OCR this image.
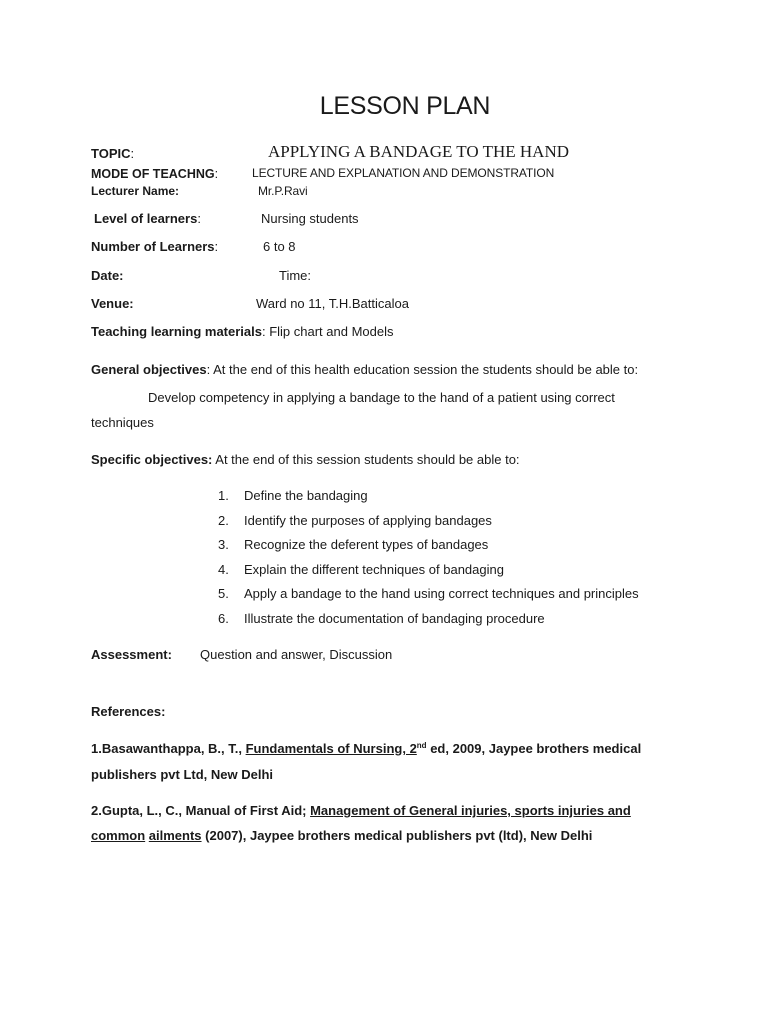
LESSON PLAN
TOPIC:	APPLYING A BANDAGE TO THE HAND
MODE OF TEACHNG:	LECTURE AND EXPLANATION AND DEMONSTRATION
Lecturer Name:	Mr.P.Ravi
Level of learners:	Nursing students
Number of Learners:	6 to 8
Date:	Time:
Venue:	Ward no 11, T.H.Batticaloa
Teaching learning materials: Flip chart and Models
General objectives: At the end of this health education session the students should be able to:
Develop competency in applying a bandage to the hand of a patient using correct
techniques
Specific objectives: At the end of this session students should be able to:
1. Define the bandaging
2. Identify the purposes of applying bandages
3. Recognize the deferent types of bandages
4. Explain the different techniques of bandaging
5. Apply a bandage to the hand using correct techniques and principles
6. Illustrate the documentation of bandaging procedure
Assessment: Question and answer, Discussion
References:
1.Basawanthappa, B., T., Fundamentals of Nursing, 2nd ed, 2009, Jaypee brothers medical
publishers pvt Ltd, New Delhi
2.Gupta, L., C., Manual of First Aid; Management of General injuries, sports injuries and
common ailments (2007), Jaypee brothers medical publishers pvt (ltd), New Delhi
